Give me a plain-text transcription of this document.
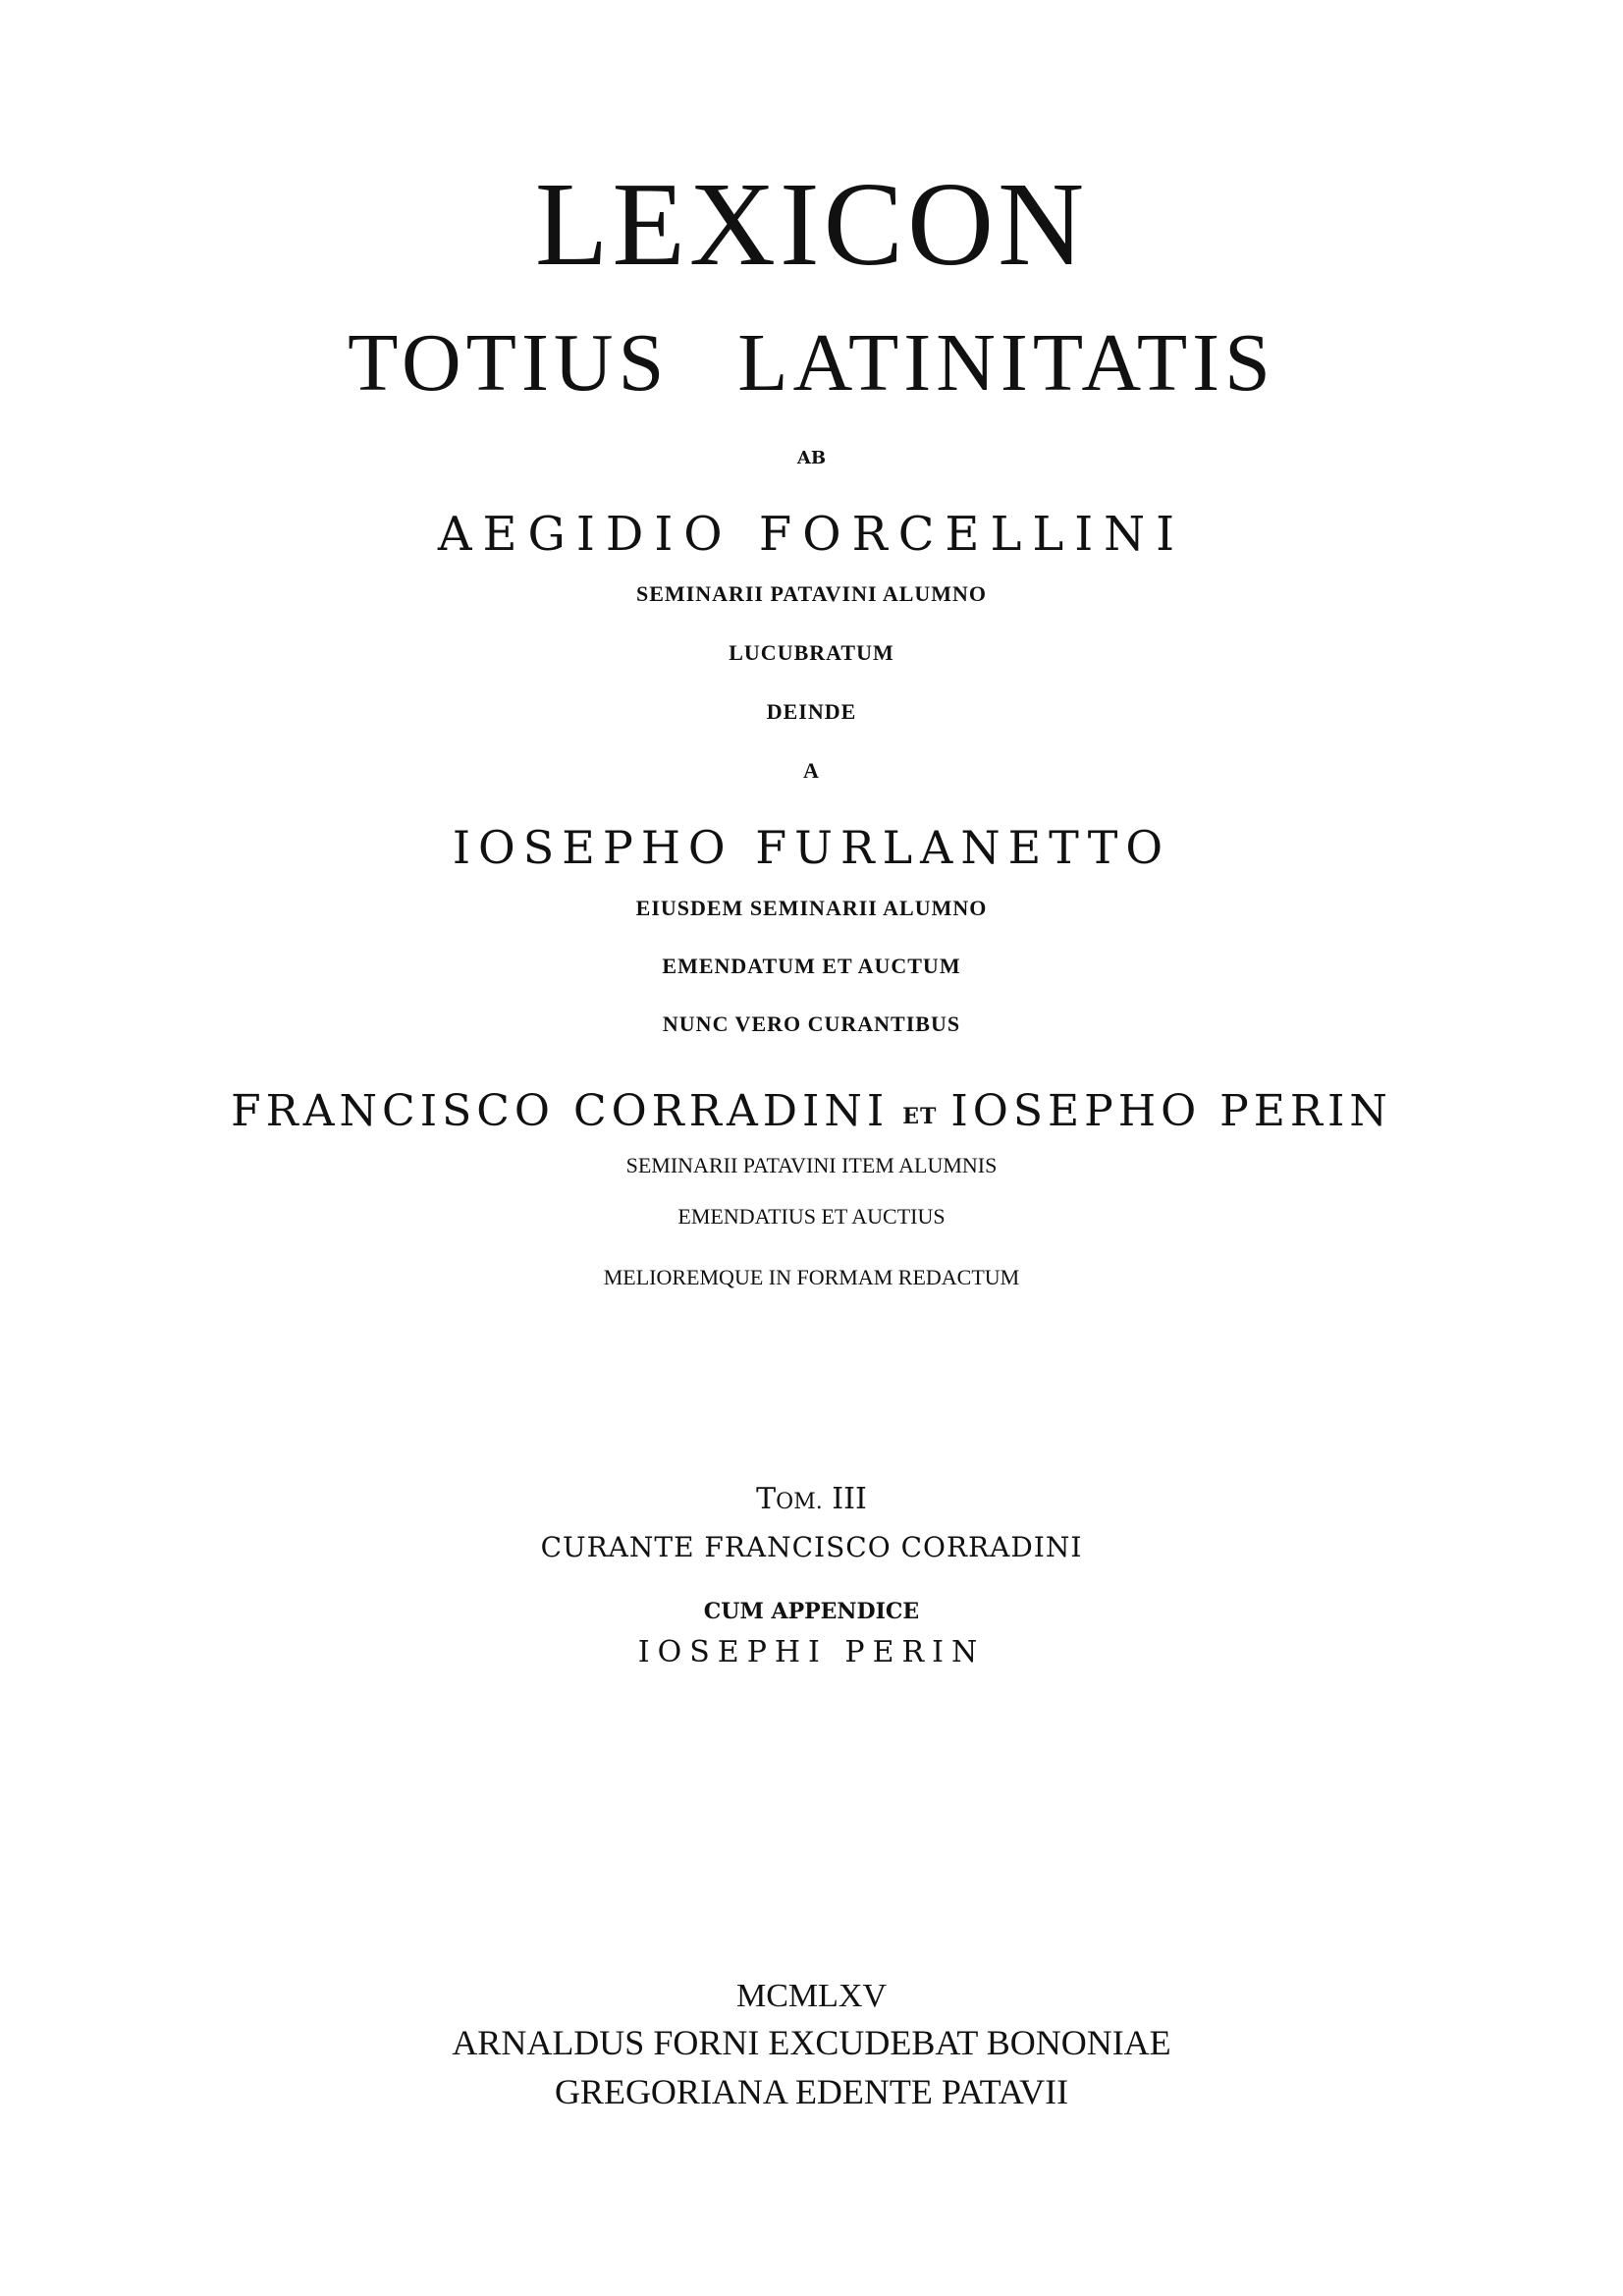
LEXICON
TOTIUS LATINITATIS
AB
AEGIDIO FORCELLINI
SEMINARII PATAVINI ALUMNO
LUCUBRATUM
DEINDE
A
IOSEPHO FURLANETTO
EIUSDEM SEMINARII ALUMNO
EMENDATUM ET AUCTUM
NUNC VERO CURANTIBUS
FRANCISCO CORRADINI ET IOSEPHO PERIN
SEMINARII PATAVINI ITEM ALUMNIS
EMENDATIUS ET AUCTIUS
MELIOREMQUE IN FORMAM REDACTUM
TOM. III
CURANTE FRANCISCO CORRADINI
CUM APPENDICE
IOSEPHI PERIN
MCMLXV
ARNALDUS FORNI EXCUDEBAT BONONIAE
GREGORIANA EDENTE PATAVII
